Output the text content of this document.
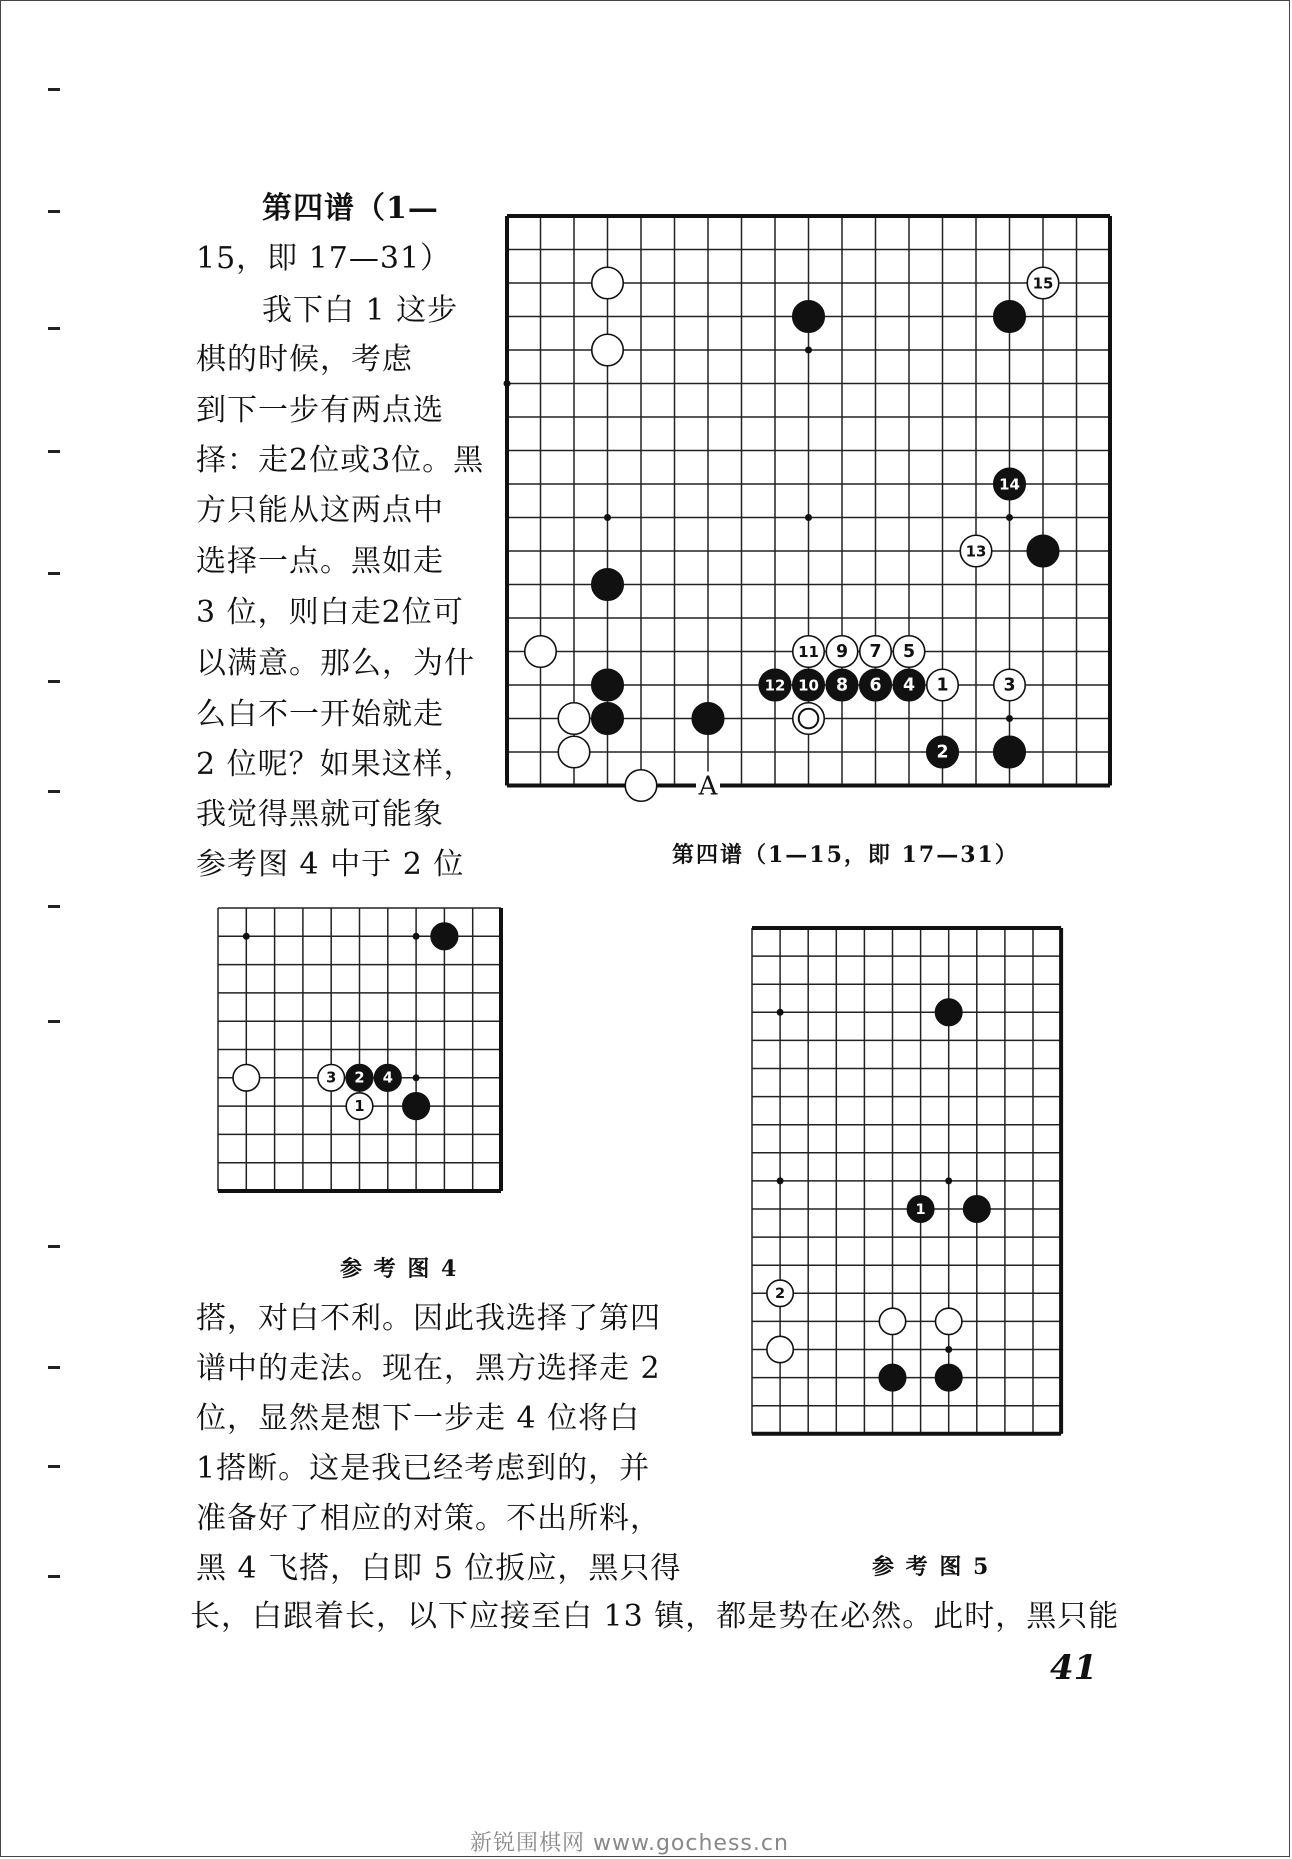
第四谱（1—
15，即 17—31）
我下白 1 这步
棋的时候，考虑
到下一步有两点选
择：走2位或3位。黑
方只能从这两点中
选择一点。黑如走
3 位，则白走2位可
以满意。那么，为什
么白不一开始就走
2 位呢？如果这样，
我觉得黑就可能象
参考图 4 中于 2 位
搭，对白不利。因此我选择了第四
谱中的走法。现在，黑方选择走 2
位，显然是想下一步走 4 位将白
1搭断。这是我已经考虑到的，并
准备好了相应的对策。不出所料，
黑 4 飞搭，白即 5 位扳应，黑只得
长，白跟着长，以下应接至白 13 镇，都是势在必然。此时，黑只能
15
14
13
11 9 7 5
12 10 8 6 4 1	3
2
A
第四谱（1—15，即 17—31）
3 2 4
1
参 考 图 4
1
2
参 考 图 5
41
新锐围棋网 www.gochess.cn
